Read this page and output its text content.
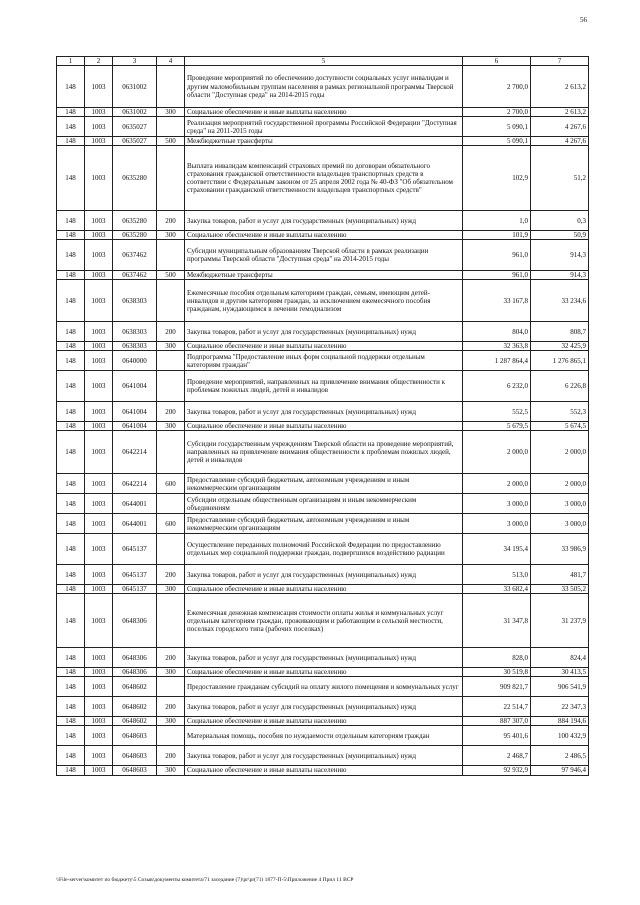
56
1	2	3	4	5	6	7
148	1003	0631002		Проведение мероприятий по обеспечению доступности социальных услуг инвалидам и другим маломобильным группам населения в рамках региональной программы Тверской области "Доступная среда" на 2014-2015 годы	2 700,0	2 613,2
148	1003	0631002	300	Социальное обеспечение и иные выплаты населению	2 700,0	2 613,2
148	1003	0635027		Реализация мероприятий государственной программы Российской Федерации "Доступная среда" на 2011-2015 годы	5 090,1	4 267,6
148	1003	0635027	500	Межбюджетные трансферты	5 090,1	4 267,6
148	1003	0635280		Выплата инвалидам компенсаций страховых премий по договорам обязательного страхования гражданской ответственности владельцев транспортных средств в соответствии с Федеральным законом от 25 апреля 2002 года № 40-ФЗ "Об обязательном страховании гражданской ответственности владельцев транспортных средств"	102,9	51,2
148	1003	0635280	200	Закупка товаров, работ и услуг для государственных (муниципальных) нужд	1,0	0,3
148	1003	0635280	300	Социальное обеспечение и иные выплаты населению	101,9	50,9
148	1003	0637462		Субсидии муниципальным образованиям Тверской области в рамках реализации программы Тверской области "Доступная среда" на 2014-2015 годы	961,0	914,3
148	1003	0637462	500	Межбюджетные трансферты	961,0	914,3
148	1003	0638303		Ежемесячные пособия отдельным категориям граждан, семьям, имеющим детей-инвалидов и другим категориям граждан, за исключением ежемесячного пособия гражданам, нуждающимся в лечении гемодиализом	33 167,8	33 234,6
148	1003	0638303	200	Закупка товаров, работ и услуг для государственных (муниципальных) нужд	804,0	808,7
148	1003	0638303	300	Социальное обеспечение и иные выплаты населению	32 363,8	32 425,9
148	1003	0640000		Подпрограмма "Предоставление иных форм социальной поддержки отдельным категориям граждан"	1 287 864,4	1 276 865,1
148	1003	0641004		Проведение мероприятий, направленных на привлечение внимания общественности к проблемам пожилых людей, детей и инвалидов	6 232,0	6 226,8
148	1003	0641004	200	Закупка товаров, работ и услуг для государственных (муниципальных) нужд	552,5	552,3
148	1003	0641004	300	Социальное обеспечение и иные выплаты населению	5 679,5	5 674,5
148	1003	0642214		Субсидии государственным учреждениям Тверской области на проведение мероприятий, направленных на привлечение внимания общественности к проблемам пожилых людей, детей и инвалидов	2 000,0	2 000,0
148	1003	0642214	600	Предоставление субсидий бюджетным, автономным учреждениям и иным некоммерческим организациям	2 000,0	2 000,0
148	1003	0644001		Субсидии отдельным общественным организациям и иным некоммерческим объединениям	3 000,0	3 000,0
148	1003	0644001	600	Предоставление субсидий бюджетным, автономным учреждениям и иным некоммерческим организациям	3 000,0	3 000,0
148	1003	0645137		Осуществление переданных полномочий Российской Федерации по предоставлению отдельных мер социальной поддержки граждан, подвергшихся воздействию радиации	34 195,4	33 986,9
148	1003	0645137	200	Закупка товаров, работ и услуг для государственных (муниципальных) нужд	513,0	481,7
148	1003	0645137	300	Социальное обеспечение и иные выплаты населению	33 682,4	33 505,2
148	1003	0648306		Ежемесячная денежная компенсация стоимости оплаты жилья и коммунальных услуг отдельным категориям граждан, проживающим и работающим в сельской местности, поселках городского типа (рабочих поселках)	31 347,8	31 237,9
148	1003	0648306	200	Закупка товаров, работ и услуг для государственных (муниципальных) нужд	828,0	824,4
148	1003	0648306	300	Социальное обеспечение и иные выплаты населению	30 519,8	30 413,5
148	1003	0648602		Предоставление гражданам субсидий на оплату жилого помещения и коммунальных услуг	909 821,7	906 541,9
148	1003	0648602	200	Закупка товаров, работ и услуг для государственных (муниципальных) нужд	22 514,7	22 347,3
148	1003	0648602	300	Социальное обеспечение и иные выплаты населению	887 307,0	884 194,6
148	1003	0648603		Материальная помощь, пособия по нуждаемости отдельным категориям граждан	95 401,6	100 432,9
148	1003	0648603	200	Закупка товаров, работ и услуг для государственных (муниципальных) нужд	2 468,7	2 486,5
148	1003	0648603	300	Социальное обеспечение и иные выплаты населению	92 932,9	97 946,4
\\File-server\комитет по бюджету\5 Созыв\документы комитета\71 заседание (7)\pr\pr(71) 1877-П-5\Приложение 4 Прил 11 ВСР
